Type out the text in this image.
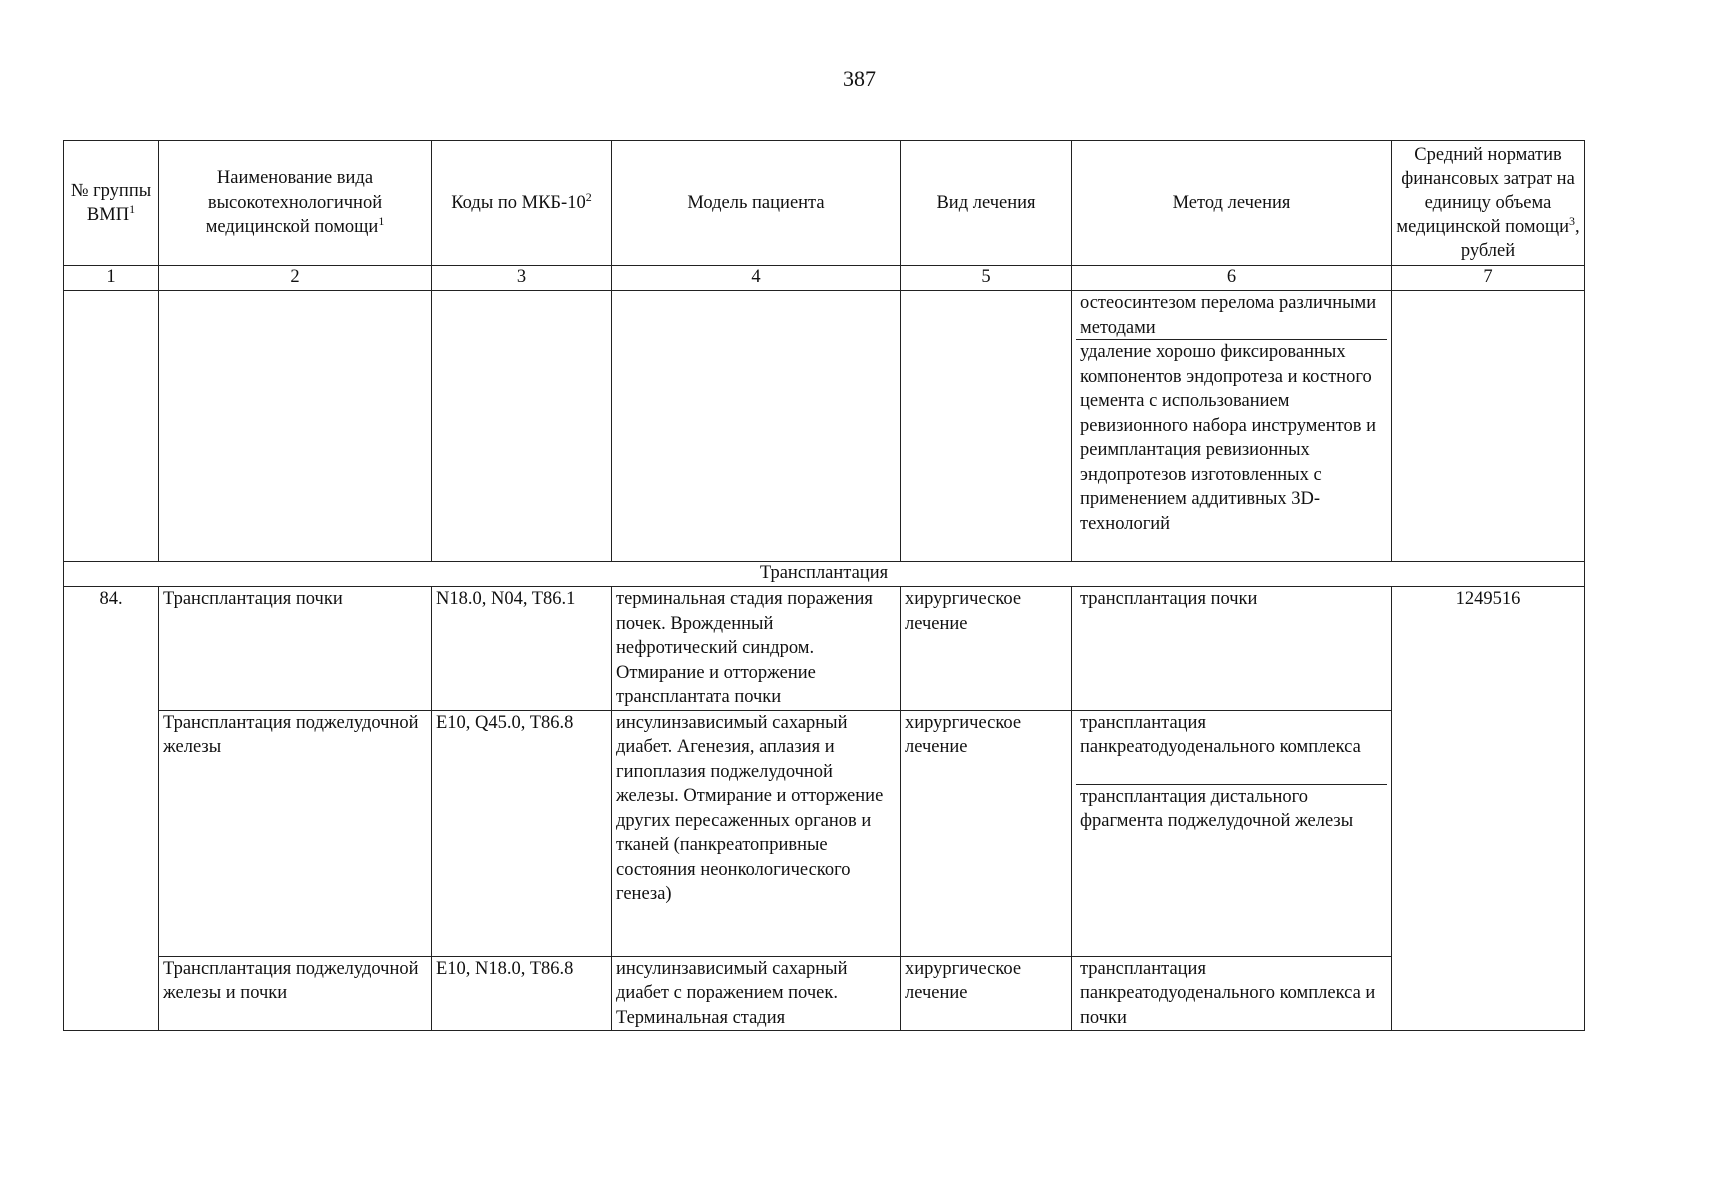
387
№ группы ВМП$^1$	Наименование вида высокотехнологичной медицинской помощи$^1$	Коды по МКБ-$10^2$	Модель пациента	Вид лечения	Метод лечения	Средний норматив финансовых затрат на единицу объема медицинской помощи$^3$, рублей
1	2	3	4	5	6	7

					остеосинтезом перелома различными методами
удаление хорошо фиксированных компонентов эндопротеза и костного цемента с использованием ревизионного набора инструментов и реимплантация ревизионных эндопротезов изготовленных с применением аддитивных 3D-технологий	

Трансплантация						
84.	Трансплантация почки	N18.0, N04, T86.1	терминальная стадия поражения почек. Врожденный нефротический синдром. Отмирание и отторжение трансплантата почки	хирургическое лечение	трансплантация почки	1249516
	Трансплантация поджелудочной железы	E10, Q45.0, T86.8	инсулинзависимый сахарный диабет. Агенезия, аплазия и гипоплазия поджелудочной железы. Отмирание и отторжение других пересаженных органов и тканей (панкреатопривные состояния неонкологического генеза)	хирургическое лечение	трансплантация панкреатодуоденального комплекса
трансплантация дистального фрагмента поджелудочной железы	

	Трансплантация поджелудочной железы и почки	E10, N18.0, T86.8	инсулинзависимый сахарный диабет с поражением почек. Терминальная стадия	хирургическое лечение	трансплантация панкреатодуоденального комплекса и почки	
